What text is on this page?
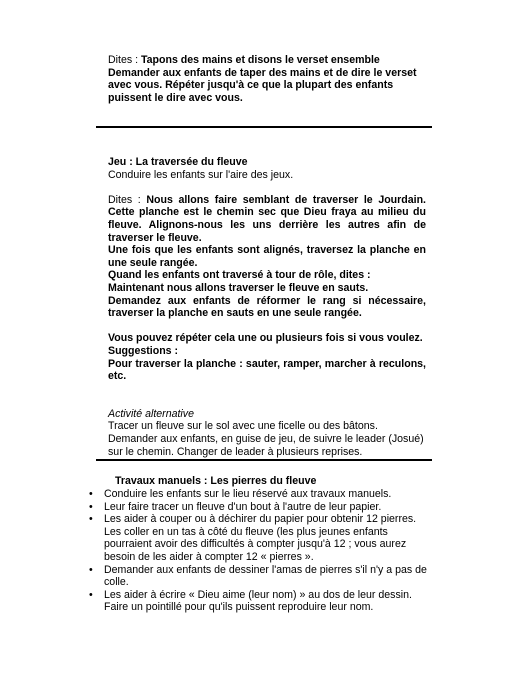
Dites : Tapons des mains et disons le verset ensemble

Demander aux enfants de taper des mains et de dire le verset avec vous. Répéter jusqu'à ce que la plupart des enfants puissent le dire avec vous.

Jeu : La traversée du fleuve

Conduire les enfants sur l'aire des jeux.

Dites : Nous allons faire semblant de traverser le Jourdain. Cette planche est le chemin sec que Dieu fraya au milieu du fleuve. Alignons-nous les uns derrière les autres afin de traverser le fleuve.

Une fois que les enfants sont alignés, traversez la planche en une seule rangée.

Quand les enfants ont traversé à tour de rôle, dites :

Maintenant nous allons traverser le fleuve en sauts.

Demandez aux enfants de réformer le rang si nécessaire, traverser la planche en sauts en une seule rangée.

Vous pouvez répéter cela une ou plusieurs fois si vous voulez.

Suggestions :

Pour traverser la planche : sauter, ramper, marcher à reculons, etc.

Activité alternative

Tracer un fleuve sur le sol avec une ficelle ou des bâtons. Demander aux enfants, en guise de jeu, de suivre le leader (Josué) sur le chemin. Changer de leader à plusieurs reprises.

Travaux manuels : Les pierres du fleuve

• Conduire les enfants sur le lieu réservé aux travaux manuels.
• Leur faire tracer un fleuve d'un bout à l'autre de leur papier.
• Les aider à couper ou à déchirer du papier pour obtenir 12 pierres. Les coller en un tas à côté du fleuve (les plus jeunes enfants pourraient avoir des difficultés à compter jusqu'à 12 ; vous aurez besoin de les aider à compter 12 « pierres ».
• Demander aux enfants de dessiner l'amas de pierres s'il n'y a pas de colle.
• Les aider à écrire « Dieu aime (leur nom) » au dos de leur dessin. Faire un pointillé pour qu'ils puissent reproduire leur nom.
